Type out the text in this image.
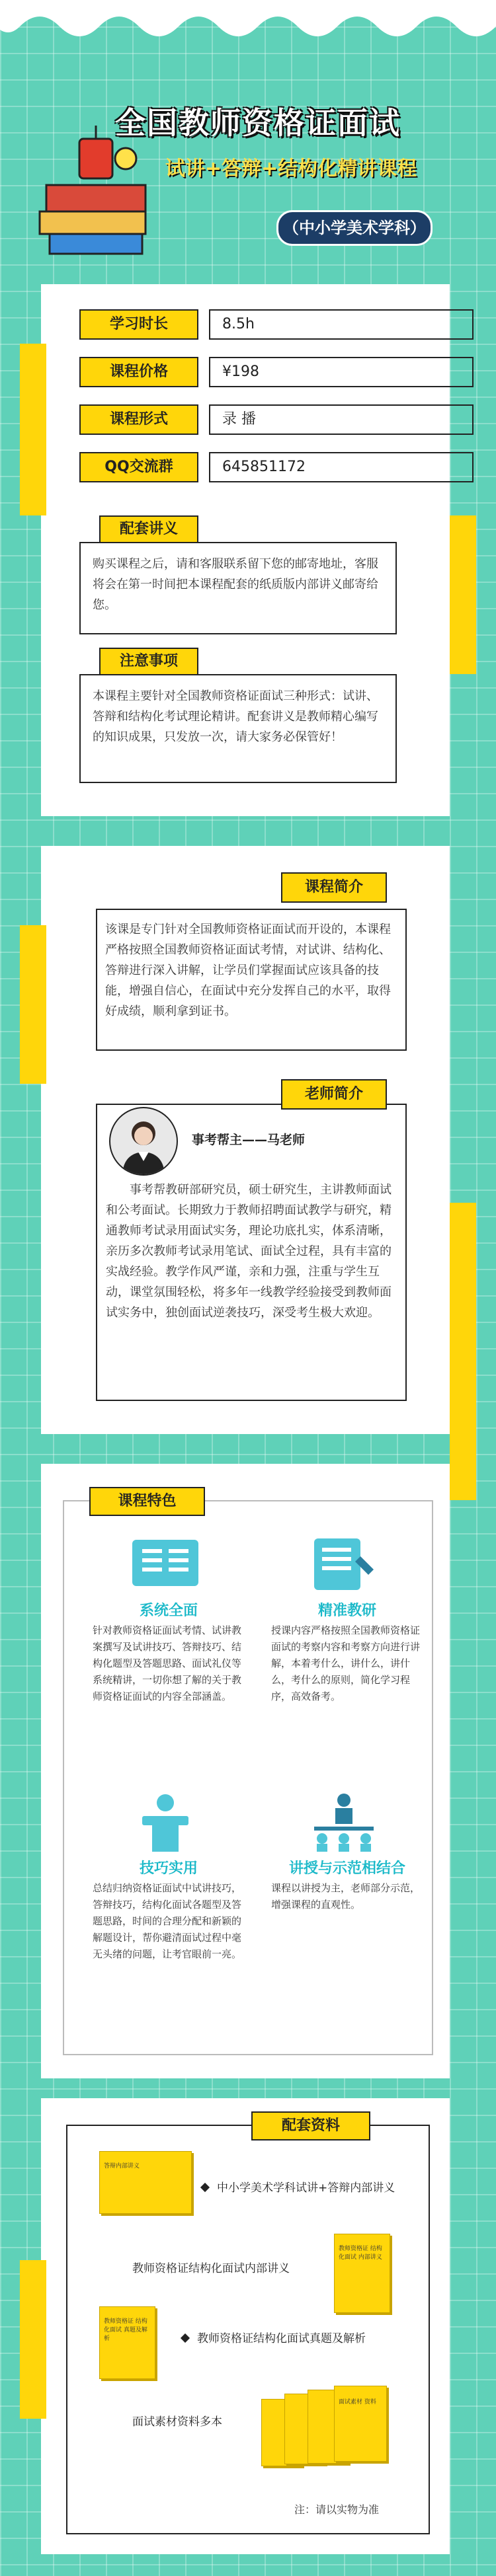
全国教师资格证面试
试讲+答辩+结构化精讲课程
（中小学美术学科）
学习时长	8.5h
课程价格	¥198
课程形式	录 播
QQ交流群	645851172
购买课程之后，请和客服联系留下您的邮寄地址，客服将会在第一时间把本课程配套的纸质版内部讲义邮寄给您。
配套讲义
本课程主要针对全国教师资格证面试三种形式：试讲、答辩和结构化考试理论精讲。配套讲义是教师精心编写的知识成果，只发放一次，请大家务必保管好！
注意事项
该课是专门针对全国教师资格证面试而开设的，本课程严格按照全国教师资格证面试考情，对试讲、结构化、答辩进行深入讲解，让学员们掌握面试应该具备的技能，增强自信心，在面试中充分发挥自己的水平，取得好成绩，顺利拿到证书。
课程简介
老师简介
事考帮主——马老师
事考帮教研部研究员，硕士研究生，主讲教师面试和公考面试。长期致力于教师招聘面试教学与研究，精通教师考试录用面试实务，理论功底扎实，体系清晰，亲历多次教师考试录用笔试、面试全过程，具有丰富的实战经验。教学作风严谨，亲和力强，注重与学生互动，课堂氛围轻松，将多年一线教学经验接受到教师面试实务中，独创面试逆袭技巧，深受考生极大欢迎。
课程特色
系统全面
针对教师资格证面试考情、试讲教案撰写及试讲技巧、答辩技巧、结构化题型及答题思路、面试礼仪等系统精讲，一切你想了解的关于教师资格证面试的内容全部涵盖。
精准教研
授课内容严格按照全国教师资格证面试的考察内容和考察方向进行讲解，本着考什么，讲什么，讲什么，考什么的原则，简化学习程序，高效备考。
技巧实用
总结归纳资格证面试中试讲技巧，答辩技巧，结构化面试各题型及答题思路，时间的合理分配和新颖的解题设计，帮你避清面试过程中毫无头绪的问题，让考官眼前一亮。
讲授与示范相结合
课程以讲授为主，老师部分示范，增强课程的直观性。
配套资料
答辩内部讲义
中小学美术学科试讲+答辩内部讲义
教师资格证结构化面试内部讲义
教师资格证 结构化面试 内部讲义
教师资格证 结构化面试 真题及解析	教师资格证结构化面试真题及解析
面试素材资料多本
面试素材 资料
注：请以实物为准
